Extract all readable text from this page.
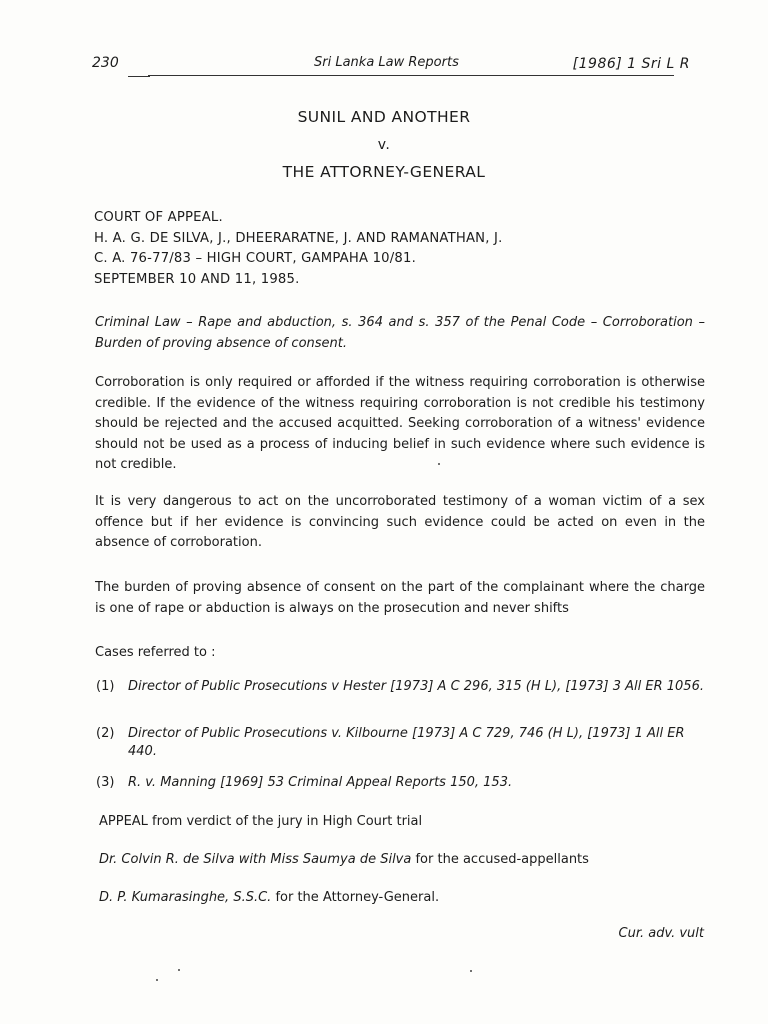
230	Sri Lanka Law Reports	[1986] 1 Sri L R
SUNIL AND ANOTHER
v.
THE ATTORNEY-GENERAL
COURT OF APPEAL.
H. A. G. DE SILVA, J., DHEERARATNE, J. AND RAMANATHAN, J.
C. A. 76-77/83 – HIGH COURT, GAMPAHA 10/81.
SEPTEMBER 10 AND 11, 1985.
Criminal Law – Rape and abduction, s. 364 and s. 357 of the Penal Code – Corroboration – Burden of proving absence of consent.
Corroboration is only required or afforded if the witness requiring corroboration is otherwise credible. If the evidence of the witness requiring corroboration is not credible his testimony should be rejected and the accused acquitted. Seeking corroboration of a witness' evidence should not be used as a process of inducing belief in such evidence where such evidence is not credible.
It is very dangerous to act on the uncorroborated testimony of a woman victim of a sex offence but if her evidence is convincing such evidence could be acted on even in the absence of corroboration.
The burden of proving absence of consent on the part of the complainant where the charge is one of rape or abduction is always on the prosecution and never shifts
Cases referred to :
(1) Director of Public Prosecutions v Hester [1973] A C 296, 315 (H L), [1973] 3 All ER 1056.
(2) Director of Public Prosecutions v. Kilbourne [1973] A C 729, 746 (H L), [1973] 1 All ER 440.
(3) R. v. Manning [1969] 53 Criminal Appeal Reports 150, 153.
APPEAL from verdict of the jury in High Court trial
Dr. Colvin R. de Silva with Miss Saumya de Silva for the accused-appellants
D. P. Kumarasinghe, S.S.C. for the Attorney-General.
Cur. adv. vult
